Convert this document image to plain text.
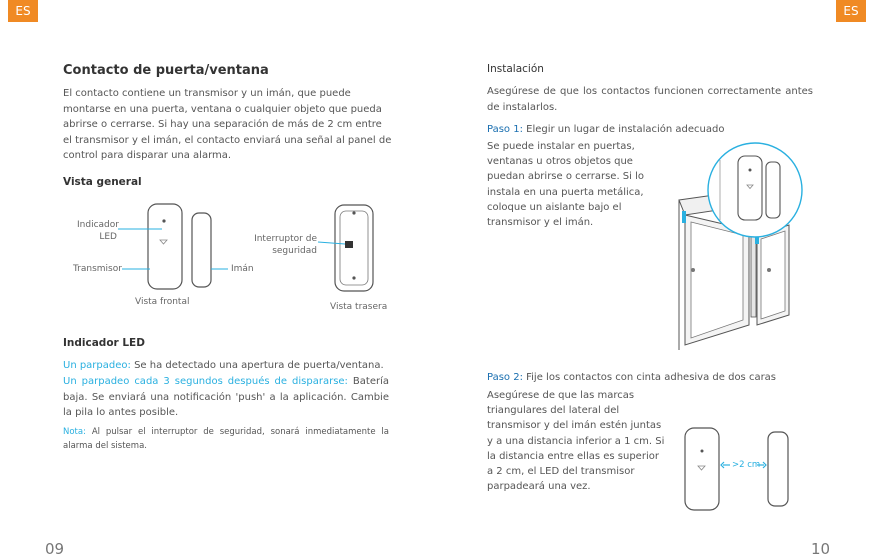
ES	ES
Contacto de puerta/ventana
El contacto contiene un transmisor y un imán, que puede
montarse en una puerta, ventana o cualquier objeto que pueda
abrirse o cerrarse. Si hay una separación de más de 2 cm entre
el transmisor y el imán, el contacto enviará una señal al panel de
control para disparar una alarma.
Vista general
Indicador
LED
Transmisor	Imán
Vista frontal
Interruptor de
seguridad
Vista trasera
Indicador LED
Un parpadeo: Se ha detectado una apertura de puerta/ventana.
Un parpadeo cada 3 segundos después de dispararse: Batería baja. Se enviará una notificación 'push' a la aplicación. Cambie la pila lo antes posible.
Nota: Al pulsar el interruptor de seguridad, sonará inmediatamente la alarma del sistema.
09
Instalación
Asegúrese de que los contactos funcionen correctamente antes de instalarlos.
Paso 1: Elegir un lugar de instalación adecuado
Se puede instalar en puertas,
ventanas u otros objetos que
puedan abrirse o cerrarse. Si lo
instala en una puerta metálica,
coloque un aislante bajo el
transmisor y el imán.
Paso 2: Fije los contactos con cinta adhesiva de dos caras
Asegúrese de que las marcas
triangulares del lateral del
transmisor y del imán estén juntas
y a una distancia inferior a 1 cm. Si
la distancia entre ellas es superior
a 2 cm, el LED del transmisor
parpadeará una vez.
>2 cm
10
